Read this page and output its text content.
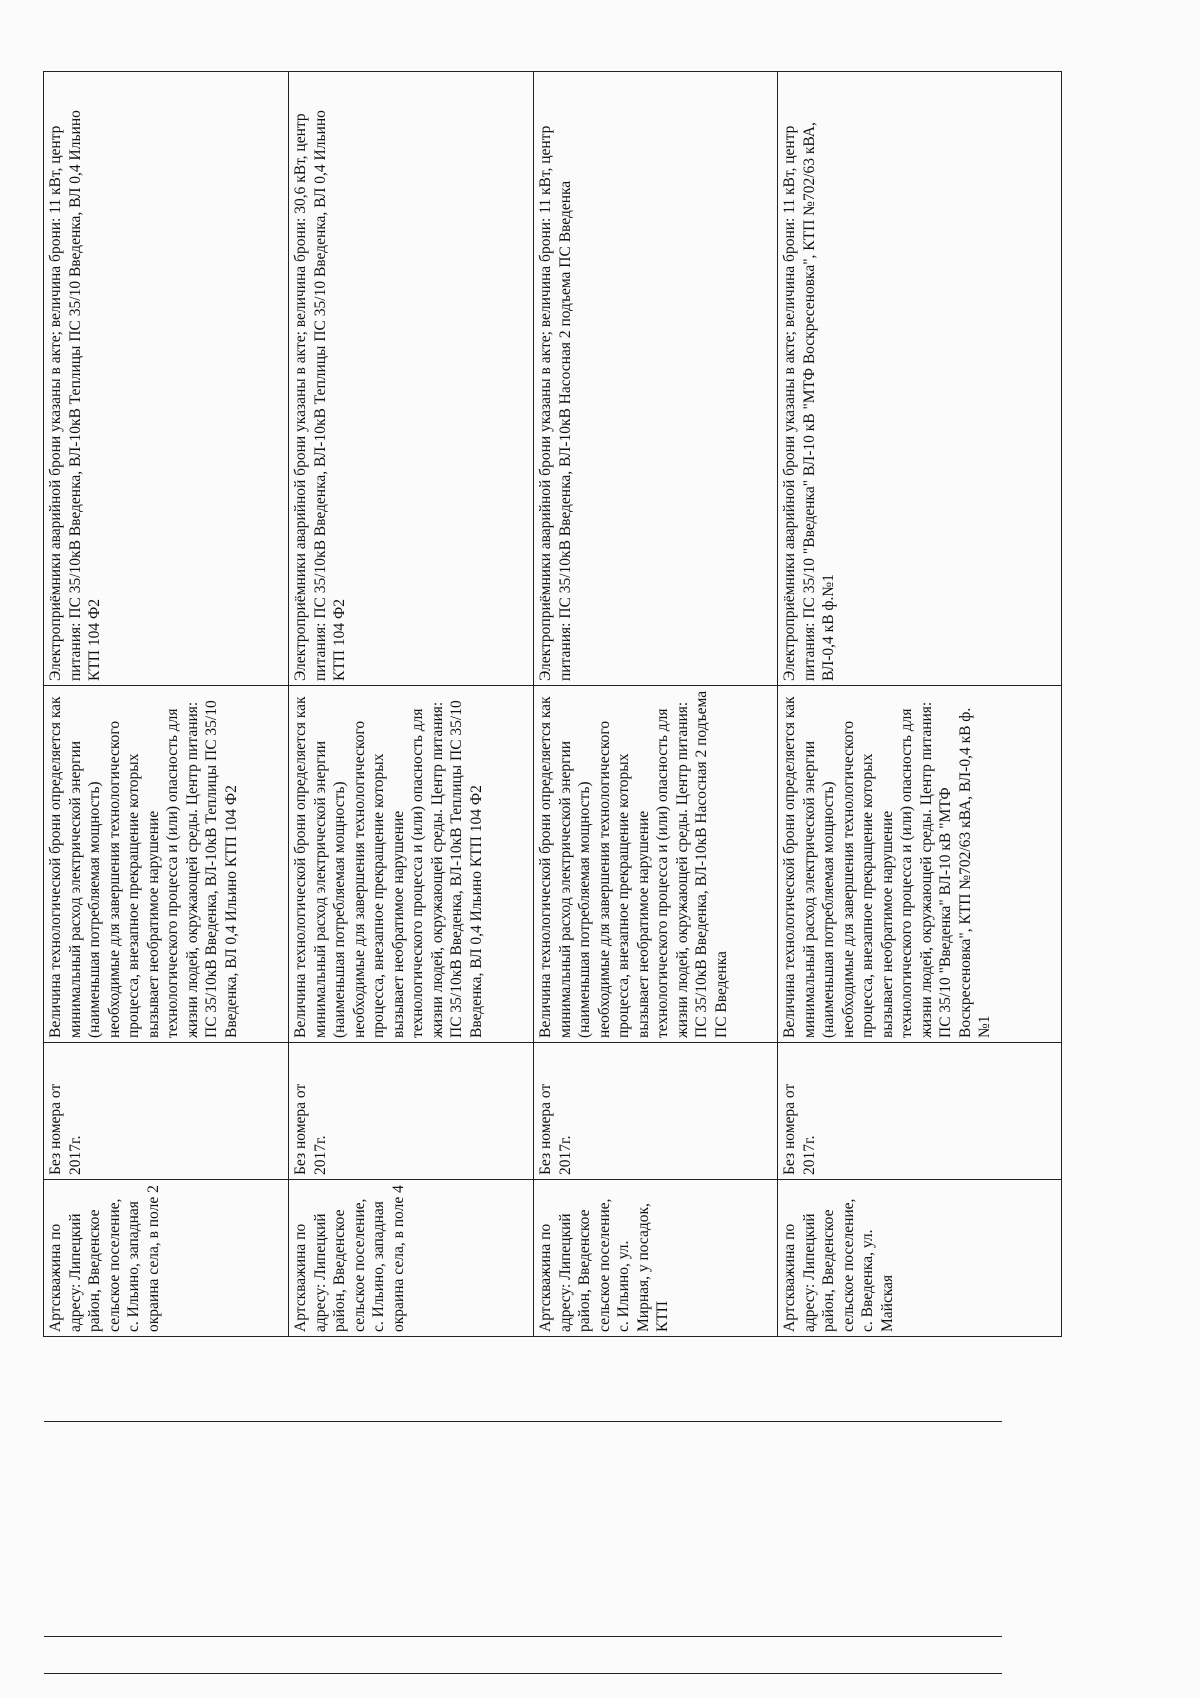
Артскважина по адресу: Липецкий район, Введенское сельское поселение, с. Ильино, западная окраина села, в поле 2	Без номера от 2017г.	Величина технологической брони определяется как минимальный расход электрической энергии (наименьшая потребляемая мощность) необходимые для завершения технологического процесса, внезапное прекращение которых вызывает необратимое нарушение технологического процесса и (или) опасность для жизни людей, окружающей среды. Центр питания: ПС 35/10кВ Введенка, ВЛ-10кВ Теплицы ПС 35/10 Введенка, ВЛ 0,4 Ильино КТП 104 Ф2	Электроприёмники аварийной брони указаны в акте; величина брони: 11 кВт, центр питания: ПС 35/10кВ Введенка, ВЛ-10кВ Теплицы ПС 35/10 Введенка, ВЛ 0,4 Ильино КТП 104 Ф2
Артскважина по адресу: Липецкий район, Введенское сельское поселение, с. Ильино, западная окраина села, в поле 4	Без номера от 2017г.	Величина технологической брони определяется как минимальный расход электрической энергии (наименьшая потребляемая мощность) необходимые для завершения технологического процесса, внезапное прекращение которых вызывает необратимое нарушение технологического процесса и (или) опасность для жизни людей, окружающей среды. Центр питания: ПС 35/10кВ Введенка, ВЛ-10кВ Теплицы ПС 35/10 Введенка, ВЛ 0,4 Ильино КТП 104 Ф2	Электроприёмники аварийной брони указаны в акте; величина брони: 30,6 кВт, центр питания: ПС 35/10кВ Введенка, ВЛ-10кВ Теплицы ПС 35/10 Введенка, ВЛ 0,4 Ильино КТП 104 Ф2
Артскважина по адресу: Липецкий район, Введенское сельское поселение, с. Ильино, ул. Мирная, у посадок, КТП	Без номера от 2017г.	Величина технологической брони определяется как минимальный расход электрической энергии (наименьшая потребляемая мощность) необходимые для завершения технологического процесса, внезапное прекращение которых вызывает необратимое нарушение технологического процесса и (или) опасность для жизни людей, окружающей среды. Центр питания: ПС 35/10кВ Введенка, ВЛ-10кВ Насосная 2 подъема ПС Введенка	Электроприёмники аварийной брони указаны в акте; величина брони: 11 кВт, центр питания: ПС 35/10кВ Введенка, ВЛ-10кВ Насосная 2 подъема ПС Введенка
Артскважина по адресу: Липецкий район, Введенское сельское поселение, с. Введенка, ул. Майская	Без номера от 2017г.	Величина технологической брони определяется как минимальный расход электрической энергии (наименьшая потребляемая мощность) необходимые для завершения технологического процесса, внезапное прекращение которых вызывает необратимое нарушение технологического процесса и (или) опасность для жизни людей, окружающей среды. Центр питания: ПС 35/10 "Введенка" ВЛ-10 кВ "МТФ Воскресеновка", КТП №702/63 кВА, ВЛ-0,4 кВ ф.№1	Электроприёмники аварийной брони указаны в акте; величина брони: 11 кВт, центр питания: ПС 35/10 "Введенка" ВЛ-10 кВ "МТФ Воскресеновка", КТП №702/63 кВА, ВЛ-0,4 кВ ф.№1
